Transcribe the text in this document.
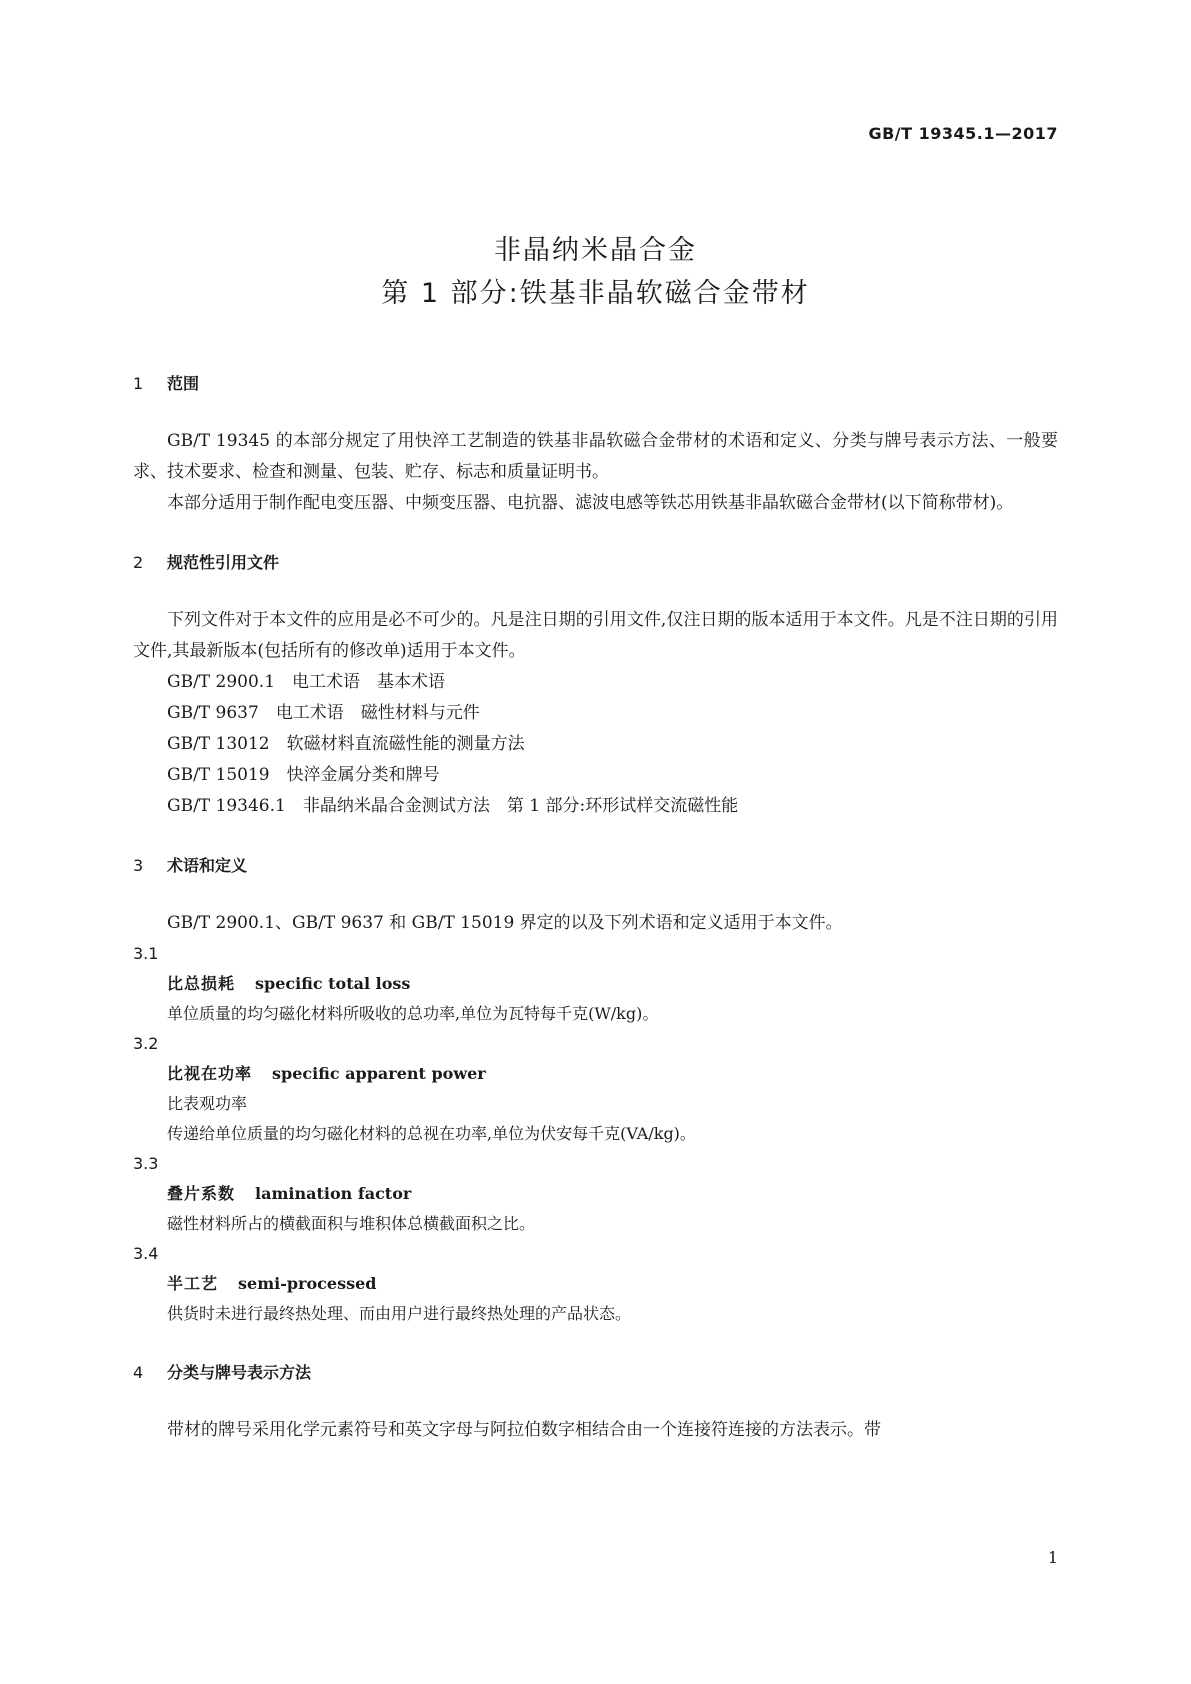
GB/T 19345.1—2017
非晶纳米晶合金
第 1 部分:铁基非晶软磁合金带材
1	范围

GB/T 19345 的本部分规定了用快淬工艺制造的铁基非晶软磁合金带材的术语和定义、分类与牌号表示方法、一般要求、技术要求、检查和测量、包装、贮存、标志和质量证明书。

本部分适用于制作配电变压器、中频变压器、电抗器、滤波电感等铁芯用铁基非晶软磁合金带材(以下简称带材)。

2	规范性引用文件

下列文件对于本文件的应用是必不可少的。凡是注日期的引用文件,仅注日期的版本适用于本文件。凡是不注日期的引用文件,其最新版本(包括所有的修改单)适用于本文件。

GB/T 2900.1　 电工术语　基本术语
GB/T 9637　 电工术语　磁性材料与元件
GB/T 13012　 软磁材料直流磁性能的测量方法
GB/T 15019　 快淬金属分类和牌号
GB/T 19346.1　 非晶纳米晶合金测试方法　第 1 部分:环形试样交流磁性能
3	术语和定义

GB/T 2900.1、GB/T 9637 和 GB/T 15019 界定的以及下列术语和定义适用于本文件。

3.1
比总损耗 specific total loss
单位质量的均匀磁化材料所吸收的总功率,单位为瓦特每千克(W/kg)。
3.2
比视在功率 specific apparent power
比表观功率
传递给单位质量的均匀磁化材料的总视在功率,单位为伏安每千克(VA/kg)。
3.3
叠片系数 lamination factor
磁性材料所占的横截面积与堆积体总横截面积之比。
3.4
半工艺 semi-processed
供货时未进行最终热处理、而由用户进行最终热处理的产品状态。
4	分类与牌号表示方法

带材的牌号采用化学元素符号和英文字母与阿拉伯数字相结合由一个连接符连接的方法表示。带

1
